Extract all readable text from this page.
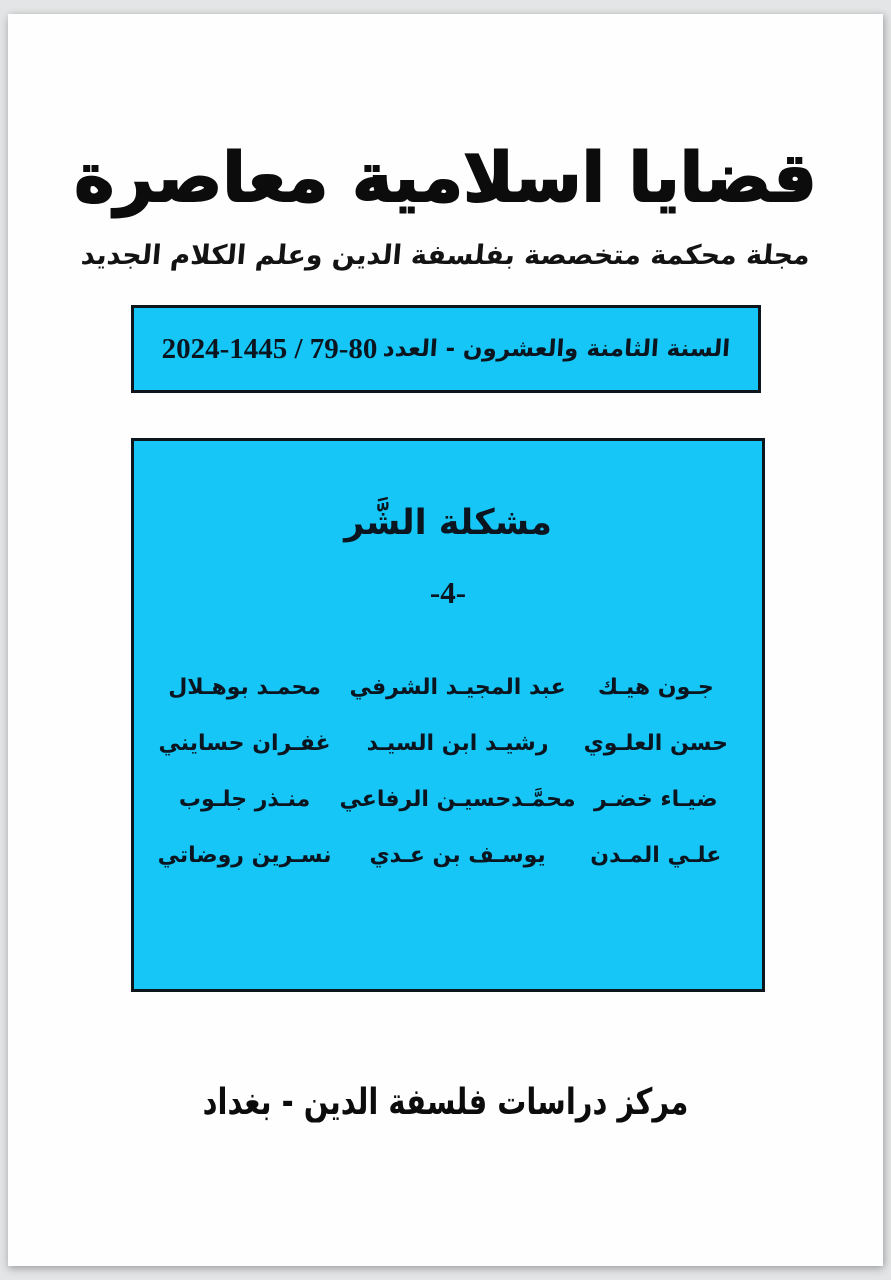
قضايا اسلامية معاصرة
مجلة محكمة متخصصة بفلسفة الدين وعلم الكلام الجديد
السنة الثامنة والعشرون - العدد
2024-1445 / 79-80
مشكلة الشَّر
-4-
جـون هيـك
عبد المجيـد الشرفي
محمـد بوهـلال
حسن العلـوي
رشيـد ابن السيـد
غفـران حسايني
ضيـاء خضـر
محمَّـدحسيـن الرفاعي
منـذر جلـوب
علـي المـدن
يوسـف بن عـدي
نسـرين روضاتي
مركز دراسات فلسفة الدين - بغداد
